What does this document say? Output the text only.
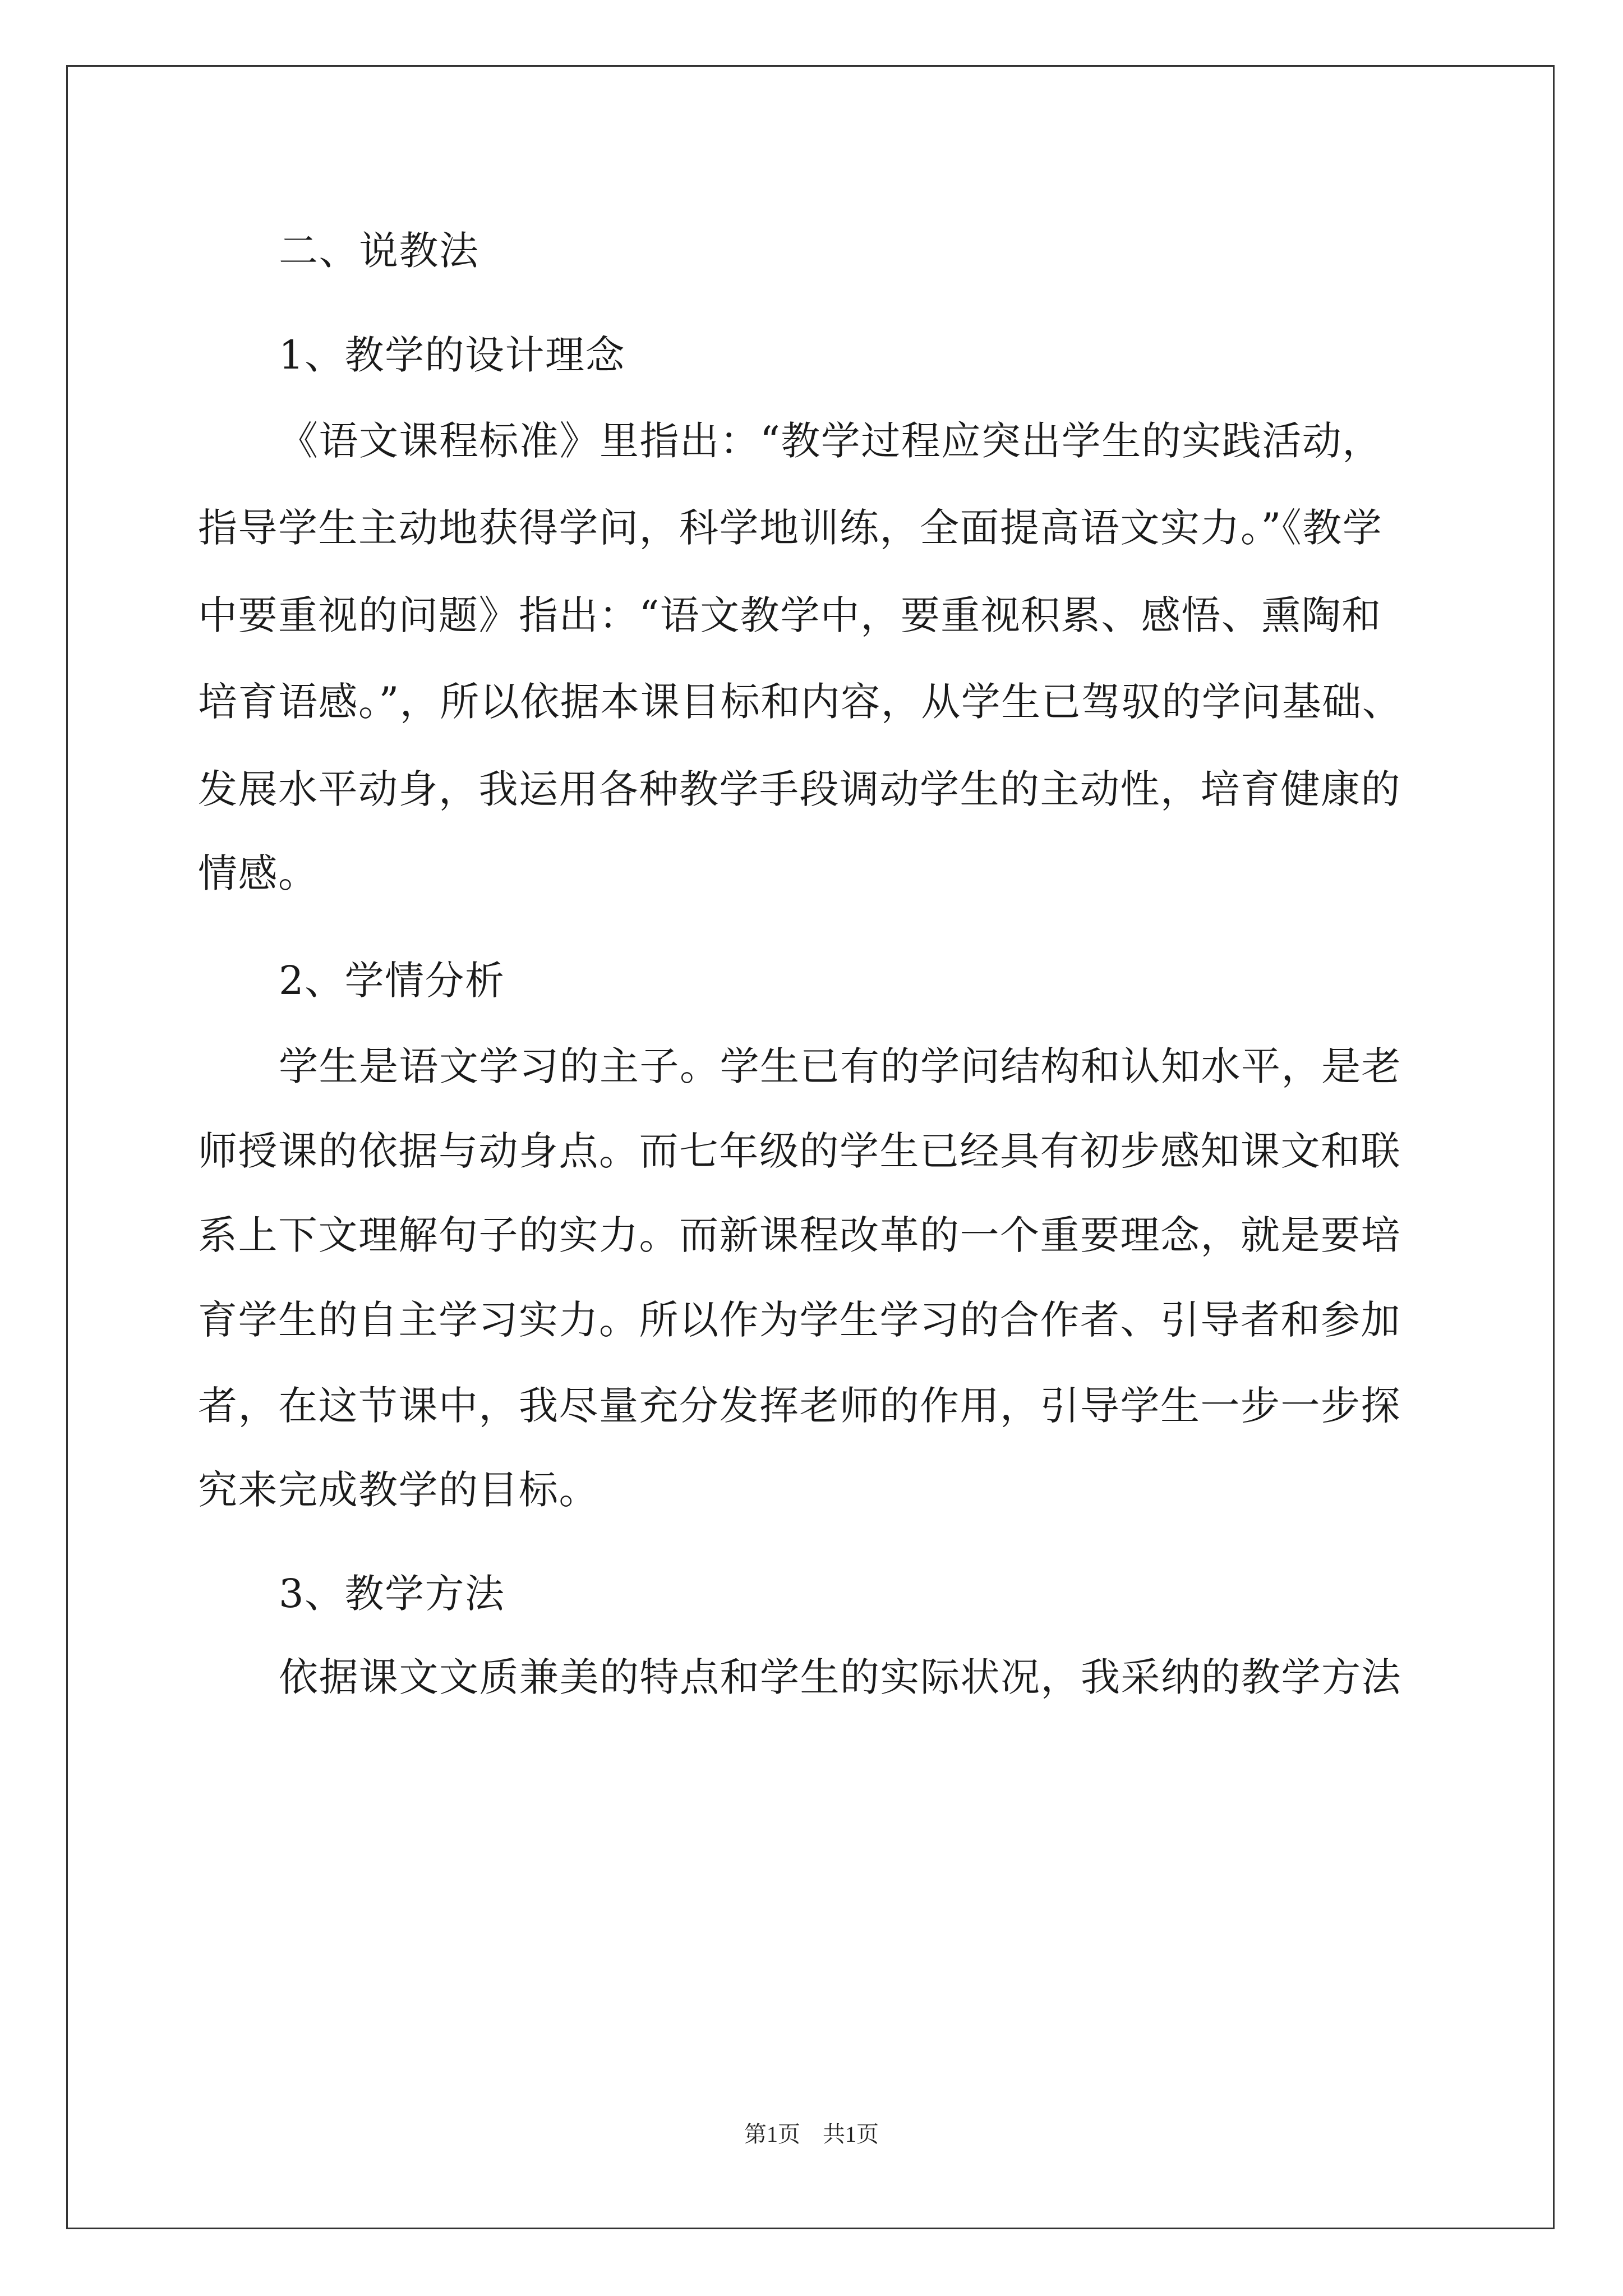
二、说教法
1、教学的设计理念
《语文课程标准》里指出：“教学过程应突出学生的实践活动，
指导学生主动地获得学问，科学地训练，全面提高语文实力。”《教学
中要重视的问题》指出：“语文教学中，要重视积累、感悟、熏陶和
培育语感。”，所以依据本课目标和内容，从学生已驾驭的学问基础、
发展水平动身，我运用各种教学手段调动学生的主动性，培育健康的
情感。
2、学情分析
学生是语文学习的主子。学生已有的学问结构和认知水平，是老
师授课的依据与动身点。而七年级的学生已经具有初步感知课文和联
系上下文理解句子的实力。而新课程改革的一个重要理念，就是要培
育学生的自主学习实力。所以作为学生学习的合作者、引导者和参加
者，在这节课中，我尽量充分发挥老师的作用，引导学生一步一步探
究来完成教学的目标。
3、教学方法
依据课文文质兼美的特点和学生的实际状况，我采纳的教学方法
第1页　共1页
